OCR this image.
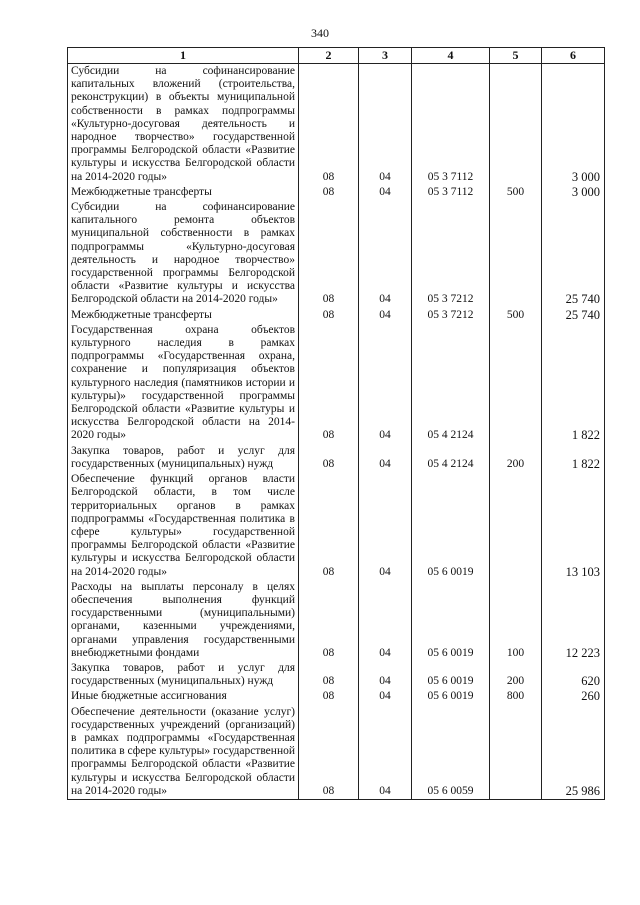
340
1	2	3	4	5	6
Субсидии на софинансирование капитальных вложений (строительства, реконструкции) в объекты муниципальной собственности в рамках подпрограммы «Культурно-досуговая деятельность и народное творчество» государственной программы Белгородской области «Развитие культуры и искусства Белгородской области на 2014-2020 годы»	08	04	05 3 7112		3 000
Межбюджетные трансферты	08	04	05 3 7112	500	3 000
Субсидии на софинансирование капитального ремонта объектов муниципальной собственности в рамках подпрограммы «Культурно-досуговая деятельность и народное творчество» государственной программы Белгородской области «Развитие культуры и искусства Белгородской области на 2014-2020 годы»	08	04	05 3 7212		25 740
Межбюджетные трансферты	08	04	05 3 7212	500	25 740
Государственная охрана объектов культурного наследия в рамках подпрограммы «Государственная охрана, сохранение и популяризация объектов культурного наследия (памятников истории и культуры)» государственной программы Белгородской области «Развитие культуры и искусства Белгородской области на 2014-2020 годы»	08	04	05 4 2124		1 822
Закупка товаров, работ и услуг для государственных (муниципальных) нужд	08	04	05 4 2124	200	1 822
Обеспечение функций органов власти Белгородской области, в том числе территориальных органов в рамках подпрограммы «Государственная политика в сфере культуры» государственной программы Белгородской области «Развитие культуры и искусства Белгородской области на 2014-2020 годы»	08	04	05 6 0019		13 103
Расходы на выплаты персоналу в целях обеспечения выполнения функций государственными (муниципальными) органами, казенными учреждениями, органами управления государственными внебюджетными фондами	08	04	05 6 0019	100	12 223
Закупка товаров, работ и услуг для государственных (муниципальных) нужд	08	04	05 6 0019	200	620
Иные бюджетные ассигнования	08	04	05 6 0019	800	260
Обеспечение деятельности (оказание услуг) государственных учреждений (организаций) в рамках подпрограммы «Государственная политика в сфере культуры» государственной программы Белгородской области «Развитие культуры и искусства Белгородской области на 2014-2020 годы»	08	04	05 6 0059		25 986
